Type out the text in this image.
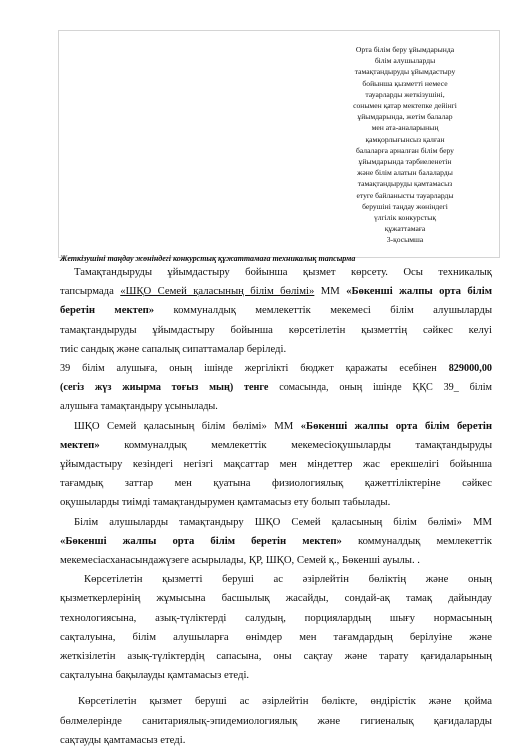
Орта білім беру ұйымдарында
білім алушыларды
тамақтандыруды ұйымдастыру
бойынша қызметті немесе
тауарларды жеткізушіні,
сонымен қатар мектепке дейінгі
ұйымдарында, жетім балалар
мен ата-аналарының
қамқорлығынсыз қалған
балаларға арналған білім беру
ұйымдарында тәрбиеленетін
және білім алатын балаларды
тамақтандыруды қамтамасыз
етуге байланысты тауарларды
берушіні таңдау жөніндегі
үлгілік конкурстық
құжаттамаға
3-қосымша
Жеткізушіні таңдау жөніндегі конкурстық құжаттамаға техникалық тапсырма
Тамақтандыруды ұйымдастыру бойынша қызмет көрсету. Осы техникалық
тапсырмада «ШҚО Семей қаласының білім бөлімі» ММ «Бөкенші жалпы орта білім
беретін мектеп» коммуналдық мемлекеттік мекемесі білім алушыларды
тамақтандыруды ұйымдастыру бойынша көрсетілетін қызметтің сәйкес келуі
тиіс сандық және сапалық сипаттамалар беріледі.
39 білім алушыға, оның ішінде жергілікті бюджет қаражаты есебінен 829000,00
(сегіз жүз жиырма тоғыз мың) тенге сомасында, оның ішінде ҚҚС 39_ білім
алушыға тамақтандыру ұсынылады.
ШҚО Семей қаласының білім бөлімі» ММ «Бөкенші жалпы орта білім беретін
мектеп» коммуналдық мемлекеттік мекемесіоқушыларды тамақтандыруды
ұйымдастыру кезіндегі негізгі мақсаттар мен міндеттер жас ерекшелігі бойынша
тағамдық заттар мен қуатына физиологиялық қажеттіліктеріне сәйкес
оқушыларды тиімді тамақтандырумен қамтамасыз ету болып табылады.
Білім алушыларды тамақтандыру ШҚО Семей қаласының білім бөлімі» ММ
«Бөкенші жалпы орта білім беретін мектеп» коммуналдық мемлекеттік
мекемесіасханасындажүзеге асырылады, ҚР, ШҚО, Семей қ., Бөкенші ауылы. .
Көрсетілетін қызметті беруші ас әзірлейтін бөліктің және оның
қызметкерлерінің жұмысына басшылық жасайды, сондай-ақ тамақ дайындау
технологиясына, азық-түліктерді салудың, порциялардың шығу нормасының
сақталуына, білім алушыларға өнімдер мен тағамдардың берілуіне және
жеткізілетін азық-түліктердің сапасына, оны сақтау және тарату қағидаларының
сақталуына бақылауды қамтамасыз етеді.
Көрсетілетін қызмет беруші ас әзірлейтін бөлікте, өндірістік және қойма
бөлмелерінде санитариялық-эпидемиологиялық және гигиеналық қағидаларды
сақтауды қамтамасыз етеді.
